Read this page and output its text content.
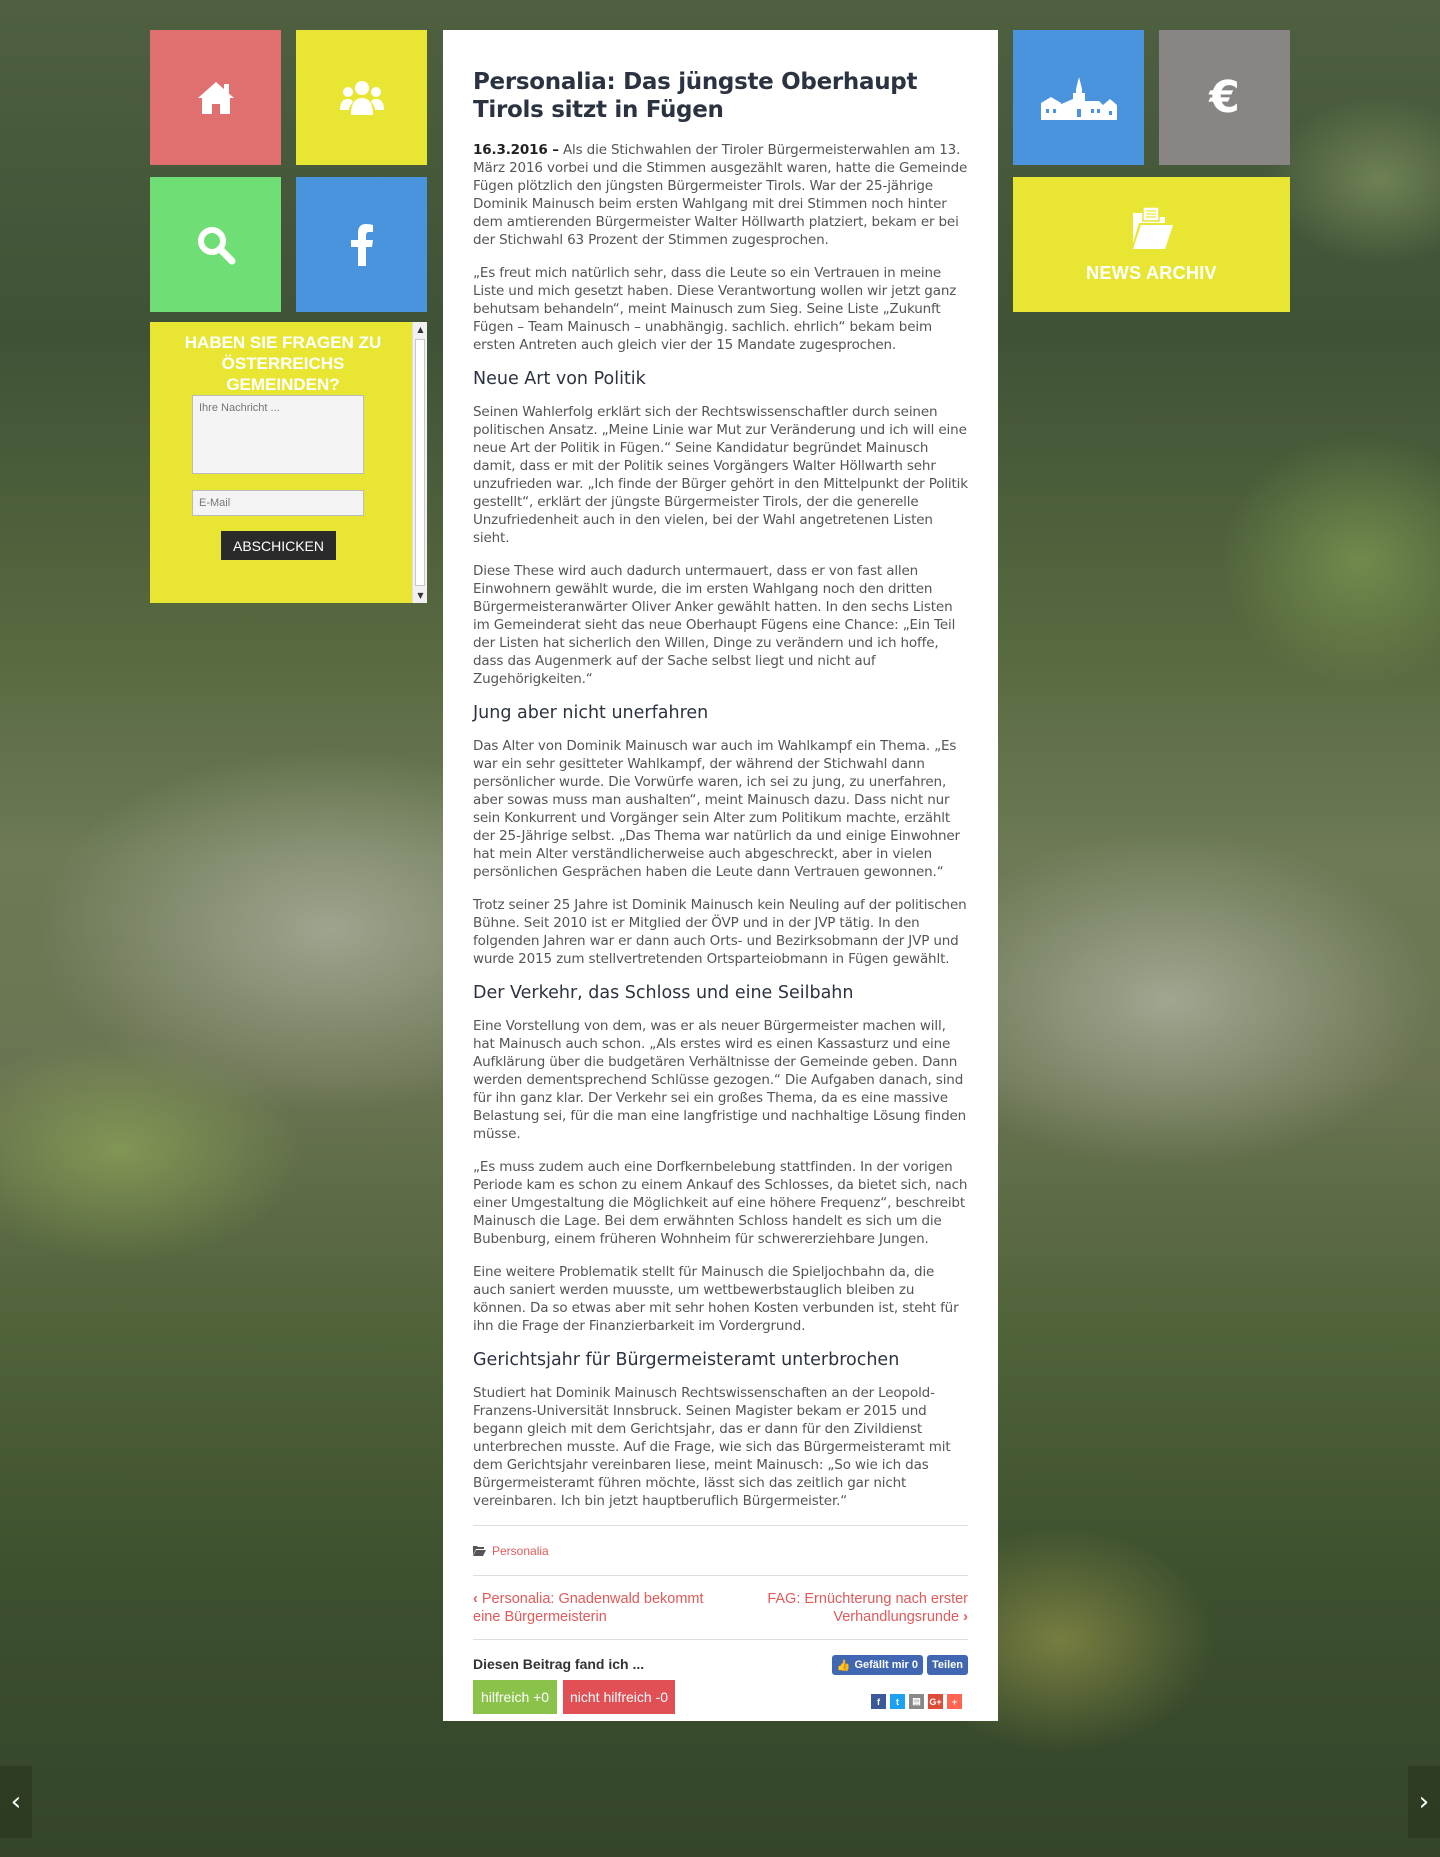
HABEN SIE FRAGEN ZU ÖSTERREICHS GEMEINDEN?
Ihre Nachricht ...
E-Mail
ABSCHICKEN
▲
▼
€
NEWS ARCHIV
Personalia: Das jüngste Oberhaupt Tirols sitzt in Fügen

16.3.2016 – Als die Stichwahlen der Tiroler Bürgermeisterwahlen am 13. März 2016 vorbei und die Stimmen ausgezählt waren, hatte die Gemeinde Fügen plötzlich den jüngsten Bürgermeister Tirols. War der 25-jährige Dominik Mainusch beim ersten Wahlgang mit drei Stimmen noch hinter dem amtierenden Bürgermeister Walter Höllwarth platziert, bekam er bei der Stichwahl 63 Prozent der Stimmen zugesprochen.

„Es freut mich natürlich sehr, dass die Leute so ein Vertrauen in meine Liste und mich gesetzt haben. Diese Verantwortung wollen wir jetzt ganz behutsam behandeln“, meint Mainusch zum Sieg. Seine Liste „Zukunft Fügen – Team Mainusch – unabhängig. sachlich. ehrlich“ bekam beim ersten Antreten auch gleich vier der 15 Mandate zugesprochen.

Neue Art von Politik

Seinen Wahlerfolg erklärt sich der Rechtswissenschaftler durch seinen politischen Ansatz. „Meine Linie war Mut zur Veränderung und ich will eine neue Art der Politik in Fügen.“ Seine Kandidatur begründet Mainusch damit, dass er mit der Politik seines Vorgängers Walter Höllwarth sehr unzufrieden war. „Ich finde der Bürger gehört in den Mittelpunkt der Politik gestellt“, erklärt der jüngste Bürgermeister Tirols, der die generelle Unzufriedenheit auch in den vielen, bei der Wahl angetretenen Listen sieht.

Diese These wird auch dadurch untermauert, dass er von fast allen Einwohnern gewählt wurde, die im ersten Wahlgang noch den dritten Bürgermeisteranwärter Oliver Anker gewählt hatten. In den sechs Listen im Gemeinderat sieht das neue Oberhaupt Fügens eine Chance: „Ein Teil der Listen hat sicherlich den Willen, Dinge zu verändern und ich hoffe, dass das Augenmerk auf der Sache selbst liegt und nicht auf Zugehörigkeiten.“

Jung aber nicht unerfahren

Das Alter von Dominik Mainusch war auch im Wahlkampf ein Thema. „Es war ein sehr gesitteter Wahlkampf, der während der Stichwahl dann persönlicher wurde. Die Vorwürfe waren, ich sei zu jung, zu unerfahren, aber sowas muss man aushalten“, meint Mainusch dazu. Dass nicht nur sein Konkurrent und Vorgänger sein Alter zum Politikum machte, erzählt der 25-Jährige selbst. „Das Thema war natürlich da und einige Einwohner hat mein Alter verständlicherweise auch abgeschreckt, aber in vielen persönlichen Gesprächen haben die Leute dann Vertrauen gewonnen.“

Trotz seiner 25 Jahre ist Dominik Mainusch kein Neuling auf der politischen Bühne. Seit 2010 ist er Mitglied der ÖVP und in der JVP tätig. In den folgenden Jahren war er dann auch Orts- und Bezirksobmann der JVP und wurde 2015 zum stellvertretenden Ortsparteiobmann in Fügen gewählt.

Der Verkehr, das Schloss und eine Seilbahn

Eine Vorstellung von dem, was er als neuer Bürgermeister machen will, hat Mainusch auch schon. „Als erstes wird es einen Kassasturz und eine Aufklärung über die budgetären Verhältnisse der Gemeinde geben. Dann werden dementsprechend Schlüsse gezogen.“ Die Aufgaben danach, sind für ihn ganz klar. Der Verkehr sei ein großes Thema, da es eine massive Belastung sei, für die man eine langfristige und nachhaltige Lösung finden müsse.

„Es muss zudem auch eine Dorfkernbelebung stattfinden. In der vorigen Periode kam es schon zu einem Ankauf des Schlosses, da bietet sich, nach einer Umgestaltung die Möglichkeit auf eine höhere Frequenz“, beschreibt Mainusch die Lage. Bei dem erwähnten Schloss handelt es sich um die Bubenburg, einem früheren Wohnheim für schwererziehbare Jungen.

Eine weitere Problematik stellt für Mainusch die Spieljochbahn da, die auch saniert werden muusste, um wettbewerbstauglich bleiben zu können. Da so etwas aber mit sehr hohen Kosten verbunden ist, steht für ihn die Frage der Finanzierbarkeit im Vordergrund.

Gerichtsjahr für Bürgermeisteramt unterbrochen

Studiert hat Dominik Mainusch Rechtswissenschaften an der Leopold-Franzens-Universität Innsbruck. Seinen Magister bekam er 2015 und begann gleich mit dem Gerichtsjahr, das er dann für den Zivildienst unterbrechen musste. Auf die Frage, wie sich das Bürgermeisteramt mit dem Gerichtsjahr vereinbaren liese, meint Mainusch: „So wie ich das Bürgermeisteramt führen möchte, lässt sich das zeitlich gar nicht vereinbaren. Ich bin jetzt hauptberuflich Bürgermeister.“

Personalia
‹ Personalia: Gnadenwald bekommt eine Bürgermeisterin
FAG: Ernüchterung nach erster Verhandlungsrunde ›
Diesen Beitrag fand ich ...
hilfreich +0	nicht hilfreich -0
👍 Gefällt mir 0	Teilen
f	t	▤ G+	+
‹	›
